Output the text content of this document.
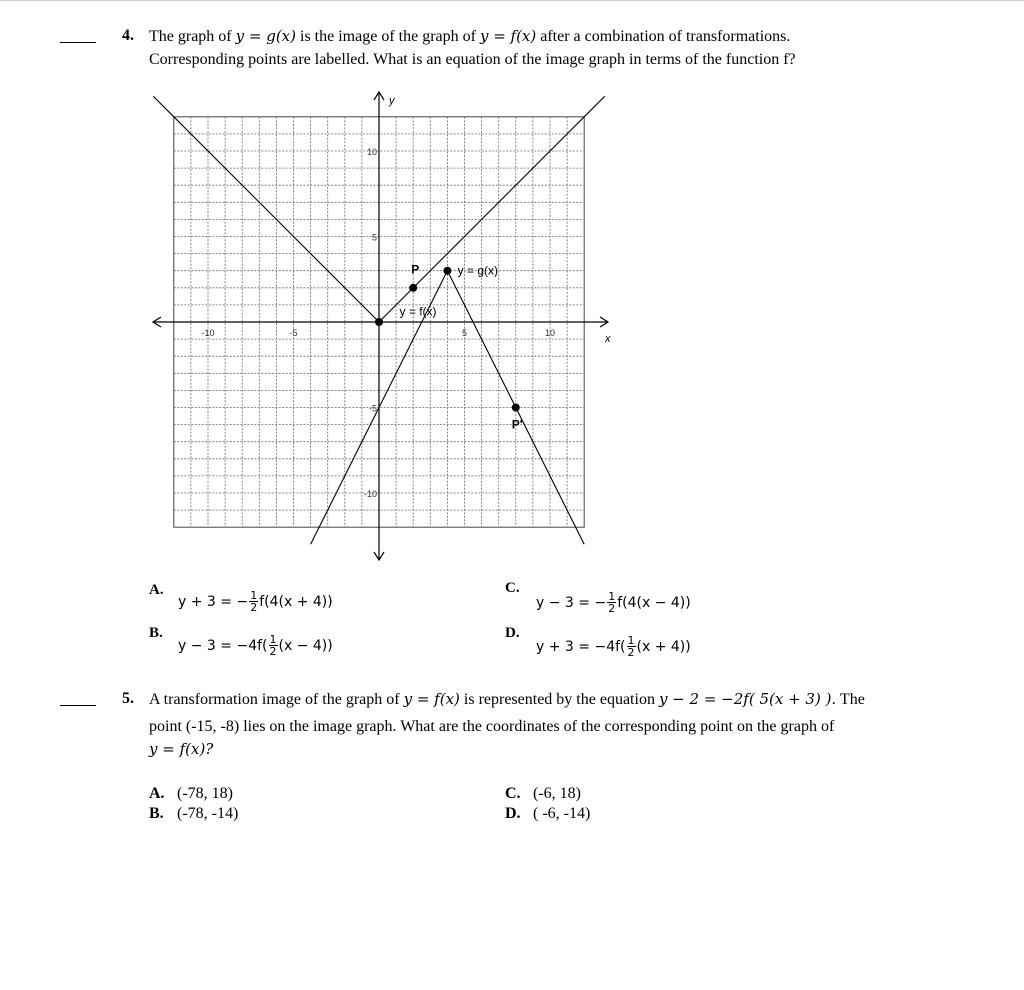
4. The graph of y = g(x) is the image of the graph of y = f(x) after a combination of transformations.
Corresponding points are labelled. What is an equation of the image graph in terms of the function f?
-10	-5	5	10
10
5
-5
-10
x
y
P
P'
y = g(x)
y = f(x)
A.
y + 3 =
− $\frac{1}{2} f(4(x + 4))$
B.
y − 3 =
$-4f( \frac{1}{2} (x - 4))$
C.
y − 3 =
− $\frac{1}{2} f(4(x - 4))$
D.
y + 3 =
$-4f( \frac{1}{2} (x + 4))$
5. A transformation image of the graph of y = f(x) is represented by the equation y − 2 = −2f( 5(x + 3) ). The
point (-15, -8) lies on the image graph. What are the coordinates of the corresponding point on the graph of
y = f(x)?
A. (-78, 18)
B. (-78, -14)
C. (-6, 18)
D. ( -6, -14)
